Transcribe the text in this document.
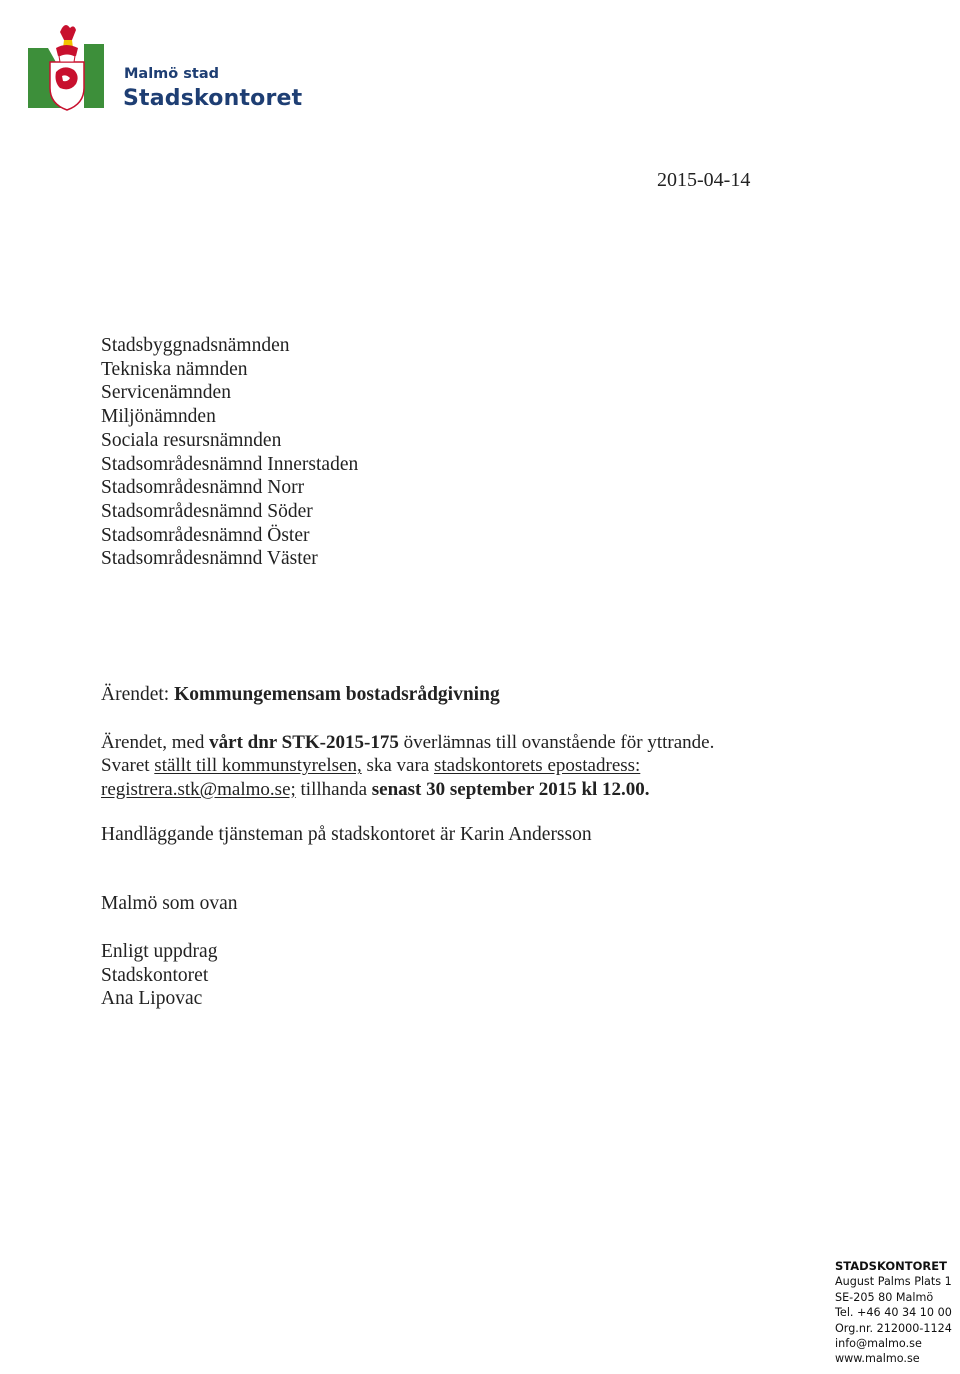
Malmö stad
Stadskontoret
2015-04-14
Stadsbyggnadsnämnden
Tekniska nämnden
Servicenämnden
Miljönämnden
Sociala resursnämnden
Stadsområdesnämnd Innerstaden
Stadsområdesnämnd Norr
Stadsområdesnämnd Söder
Stadsområdesnämnd Öster
Stadsområdesnämnd Väster
Ärendet: Kommungemensam bostadsrådgivning
Ärendet, med vårt dnr STK-2015-175 överlämnas till ovanstående för yttrande.
Svaret ställt till kommunstyrelsen, ska vara stadskontorets epostadress:
registrera.stk@malmo.se; tillhanda senast 30 september 2015 kl 12.00.
Handläggande tjänsteman på stadskontoret är Karin Andersson
Malmö som ovan
Enligt uppdrag
Stadskontoret
Ana Lipovac
STADSKONTORET
August Palms Plats 1
SE-205 80 Malmö
Tel. +46 40 34 10 00
Org.nr. 212000-1124
info@malmo.se
www.malmo.se
